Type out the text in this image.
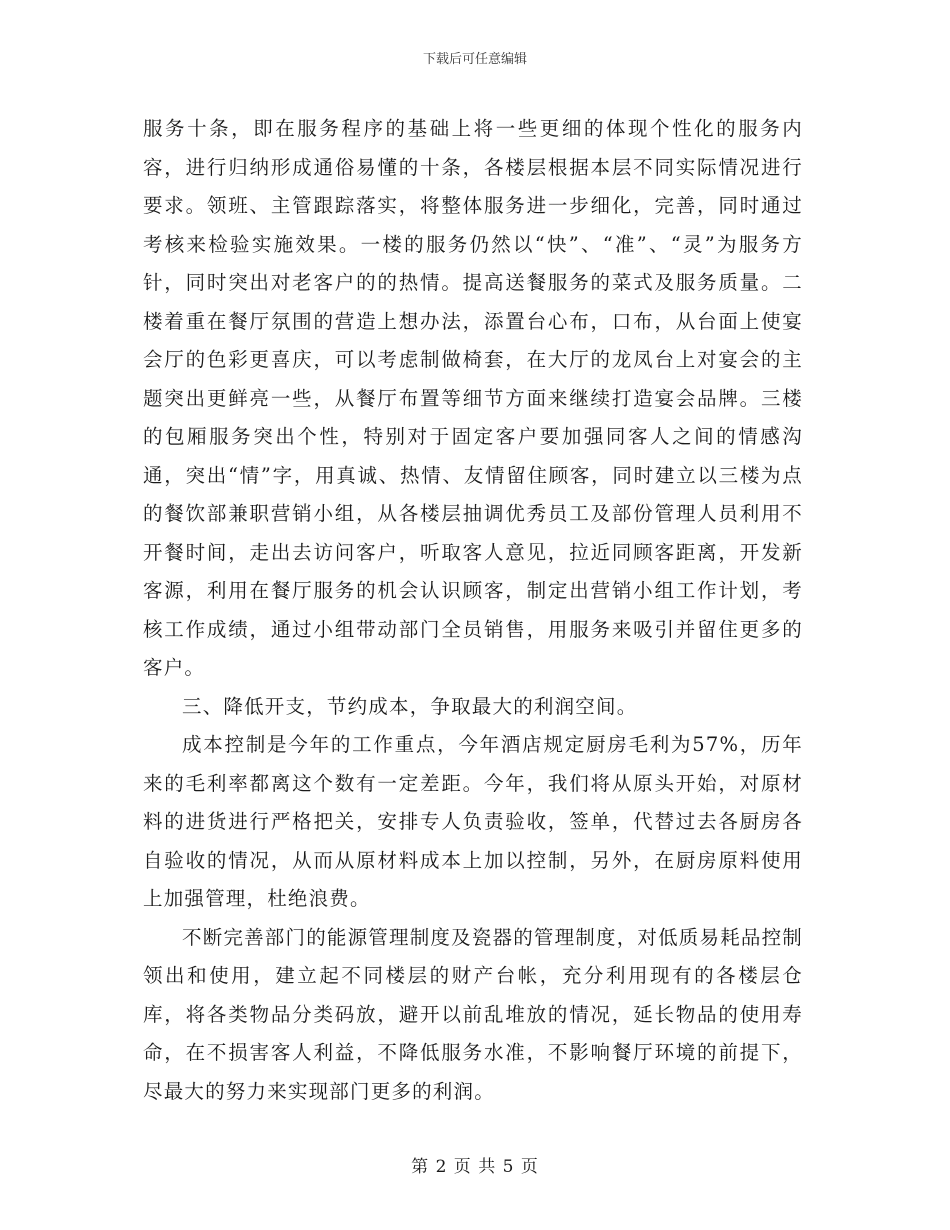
下载后可任意编辑

服务十条，即在服务程序的基础上将一些更细的体现个性化的服务内容，进行归纳形成通俗易懂的十条，各楼层根据本层不同实际情况进行要求。领班、主管跟踪落实，将整体服务进一步细化，完善，同时通过考核来检验实施效果。一楼的服务仍然以“快”、“准”、“灵”为服务方针，同时突出对老客户的的热情。提高送餐服务的菜式及服务质量。二楼着重在餐厅氛围的营造上想办法，添置台心布，口布，从台面上使宴会厅的色彩更喜庆，可以考虑制做椅套，在大厅的龙凤台上对宴会的主题突出更鲜亮一些，从餐厅布置等细节方面来继续打造宴会品牌。三楼的包厢服务突出个性，特别对于固定客户要加强同客人之间的情感沟通，突出“情”字，用真诚、热情、友情留住顾客，同时建立以三楼为点的餐饮部兼职营销小组，从各楼层抽调优秀员工及部份管理人员利用不开餐时间，走出去访问客户，听取客人意见，拉近同顾客距离，开发新客源，利用在餐厅服务的机会认识顾客，制定出营销小组工作计划，考核工作成绩，通过小组带动部门全员销售，用服务来吸引并留住更多的客户。

三、降低开支，节约成本，争取最大的利润空间。

成本控制是今年的工作重点，今年酒店规定厨房毛利为57%，历年来的毛利率都离这个数有一定差距。今年，我们将从原头开始，对原材料的进货进行严格把关，安排专人负责验收，签单，代替过去各厨房各自验收的情况，从而从原材料成本上加以控制，另外，在厨房原料使用上加强管理，杜绝浪费。

不断完善部门的能源管理制度及瓷器的管理制度，对低质易耗品控制领出和使用，建立起不同楼层的财产台帐，充分利用现有的各楼层仓库，将各类物品分类码放，避开以前乱堆放的情况，延长物品的使用寿命，在不损害客人利益，不降低服务水准，不影响餐厅环境的前提下，尽最大的努力来实现部门更多的利润。

第 2 页 共 5 页
